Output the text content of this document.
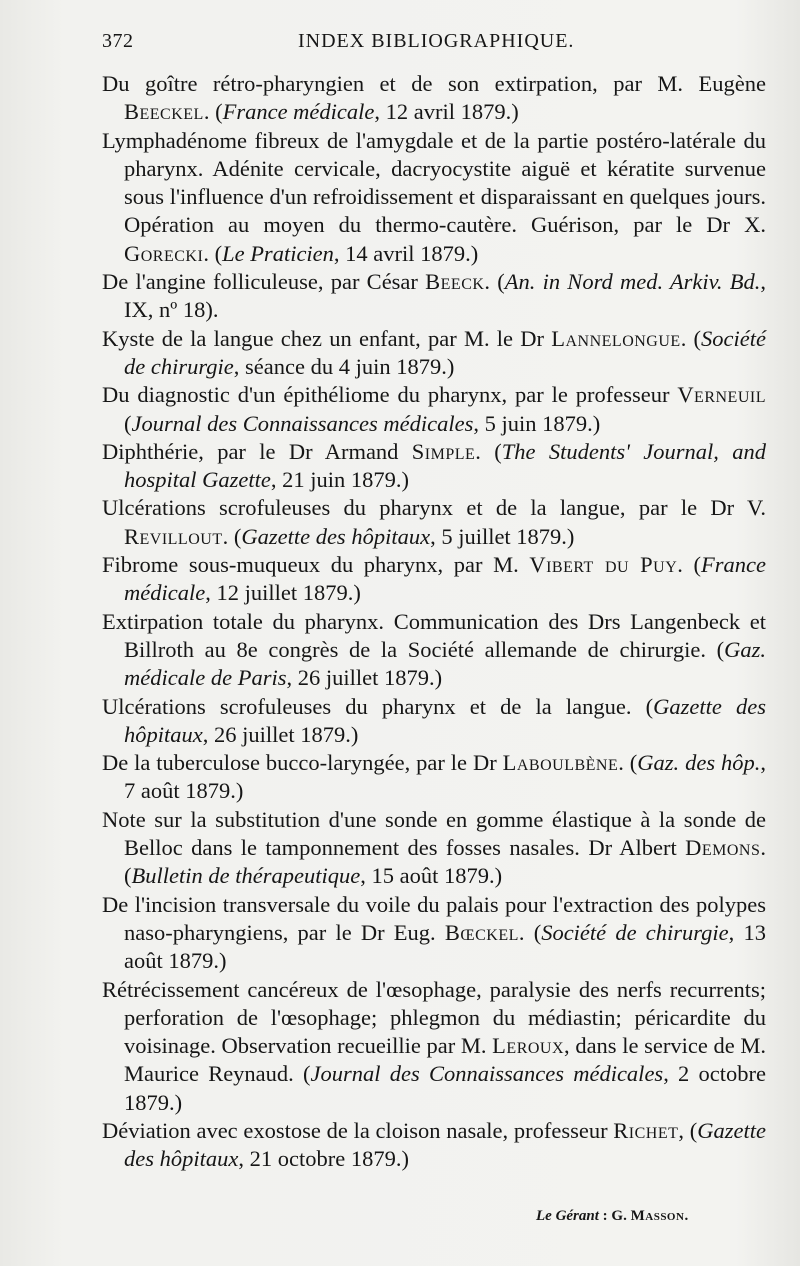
372	INDEX BIBLIOGRAPHIQUE.

Du goître rétro-pharyngien et de son extirpation, par M. Eugène Beeckel. (France médicale, 12 avril 1879.)

Lymphadénome fibreux de l'amygdale et de la partie postéro-latérale du pharynx. Adénite cervicale, dacryocystite aiguë et kératite survenue sous l'influence d'un refroidissement et disparaissant en quelques jours. Opération au moyen du thermo-cautère. Guérison, par le Dr X. Gorecki. (Le Praticien, 14 avril 1879.)

De l'angine folliculeuse, par César Beeck. (An. in Nord med. Arkiv. Bd., IX, nº 18).

Kyste de la langue chez un enfant, par M. le Dr Lannelongue. (Société de chirurgie, séance du 4 juin 1879.)

Du diagnostic d'un épithéliome du pharynx, par le professeur Verneuil (Journal des Connaissances médicales, 5 juin 1879.)

Diphthérie, par le Dr Armand Simple. (The Students' Journal, and hospital Gazette, 21 juin 1879.)

Ulcérations scrofuleuses du pharynx et de la langue, par le Dr V. Revillout. (Gazette des hôpitaux, 5 juillet 1879.)

Fibrome sous-muqueux du pharynx, par M. Vibert du Puy. (France médicale, 12 juillet 1879.)

Extirpation totale du pharynx. Communication des Drs Langenbeck et Billroth au 8e congrès de la Société allemande de chirurgie. (Gaz. médicale de Paris, 26 juillet 1879.)

Ulcérations scrofuleuses du pharynx et de la langue. (Gazette des hôpitaux, 26 juillet 1879.)

De la tuberculose bucco-laryngée, par le Dr Laboulbène. (Gaz. des hôp., 7 août 1879.)

Note sur la substitution d'une sonde en gomme élastique à la sonde de Belloc dans le tamponnement des fosses nasales. Dr Albert Demons. (Bulletin de thérapeutique, 15 août 1879.)

De l'incision transversale du voile du palais pour l'extraction des polypes naso-pharyngiens, par le Dr Eug. Bœckel. (Société de chirurgie, 13 août 1879.)

Rétrécissement cancéreux de l'œsophage, paralysie des nerfs recurrents; perforation de l'œsophage; phlegmon du médiastin; péricardite du voisinage. Observation recueillie par M. Leroux, dans le service de M. Maurice Reynaud. (Journal des Connaissances médicales, 2 octobre 1879.)

Déviation avec exostose de la cloison nasale, professeur Richet, (Gazette des hôpitaux, 21 octobre 1879.)

Le Gérant : G. Masson.
